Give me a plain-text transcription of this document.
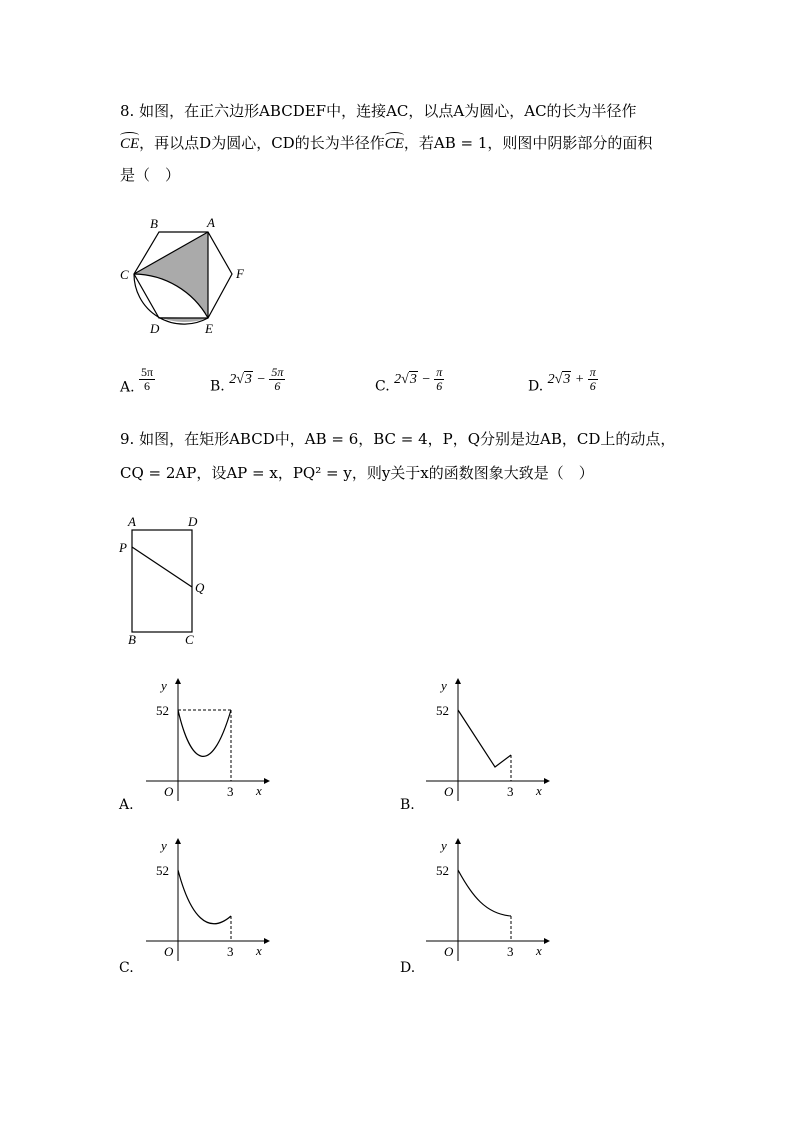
8. 如图，在正六边形ABCDEF中，连接AC，以点A为圆心，AC的长为半径作
CE，再以点D为圆心，CD的长为半径作CE，若AB = 1，则图中阴影部分的面积
是（　）
B	A
F
C
D	E
A. $\frac{5\pi}{6}$	B. $2√3 - \frac{5\pi}{6}$	C. $2√3 - \frac{\pi}{6}$	D. $2√3 + \frac{\pi}{6}$
9. 如图，在矩形ABCD中，AB = 6，BC = 4，P，Q分别是边AB，CD上的动点，
CQ = 2AP，设AP = x，PQ² = y，则y关于x的函数图象大致是（　）
A	D
P
Q
B	C
y
52
O	3 x
A.
y
52
O	3 x
B.
y
52
O	3 x
C.
y
52
O	3 x
D.
